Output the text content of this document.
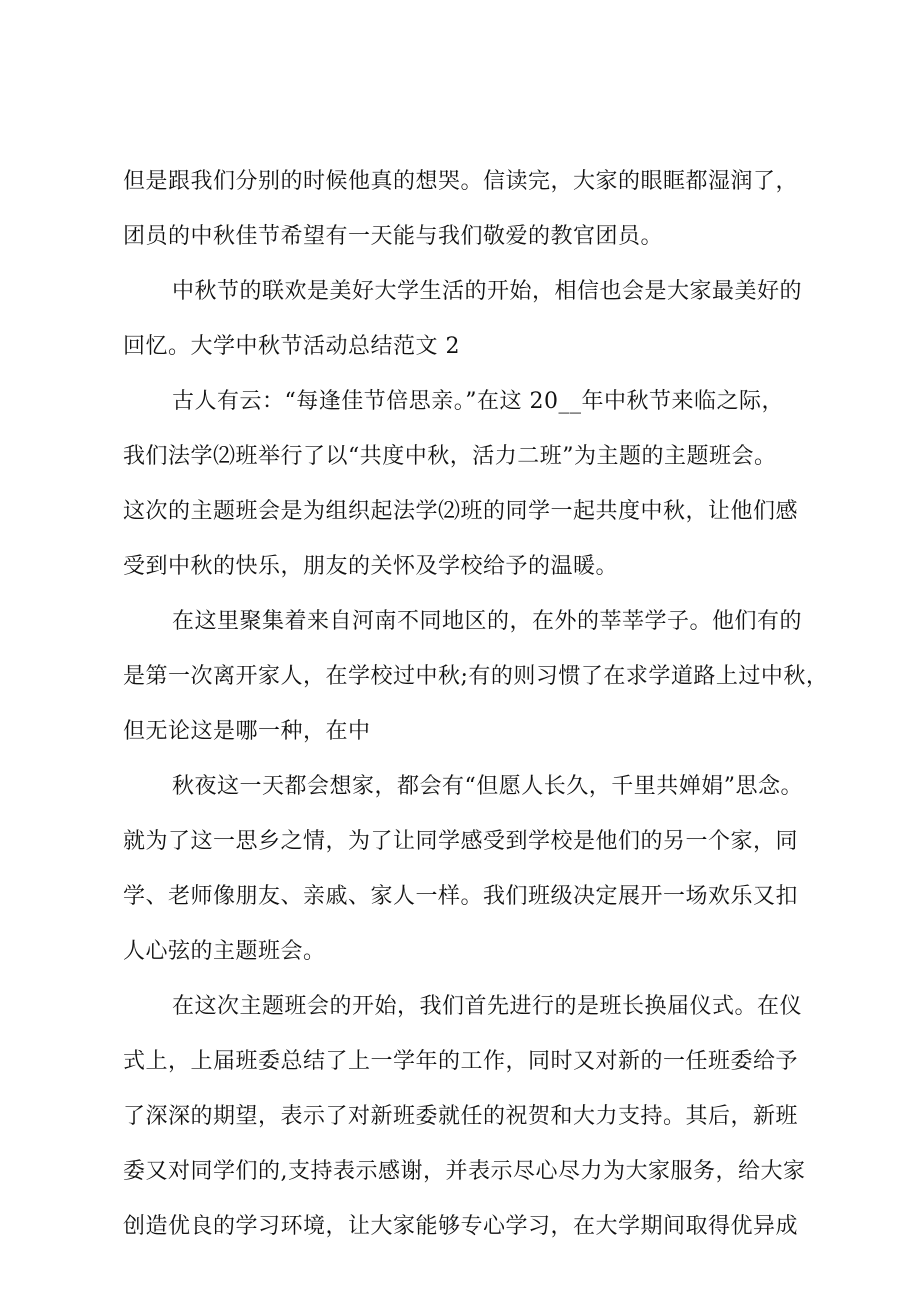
但是跟我们分别的时候他真的想哭。信读完，大家的眼眶都湿润了，
团员的中秋佳节希望有一天能与我们敬爱的教官团员。
中秋节的联欢是美好大学生活的开始，相信也会是大家最美好的
回忆。大学中秋节活动总结范文 2
古人有云：“每逢佳节倍思亲。”在这 20__年中秋节来临之际，
我们法学⑵班举行了以“共度中秋，活力二班”为主题的主题班会。
这次的主题班会是为组织起法学⑵班的同学一起共度中秋，让他们感
受到中秋的快乐，朋友的关怀及学校给予的温暖。
在这里聚集着来自河南不同地区的，在外的莘莘学子。他们有的
是第一次离开家人，在学校过中秋;有的则习惯了在求学道路上过中秋，
但无论这是哪一种，在中
秋夜这一天都会想家，都会有“但愿人长久，千里共婵娟”思念。
就为了这一思乡之情，为了让同学感受到学校是他们的另一个家，同
学、老师像朋友、亲戚、家人一样。我们班级决定展开一场欢乐又扣
人心弦的主题班会。
在这次主题班会的开始，我们首先进行的是班长换届仪式。在仪
式上，上届班委总结了上一学年的工作，同时又对新的一任班委给予
了深深的期望，表示了对新班委就任的祝贺和大力支持。其后，新班
委又对同学们的,支持表示感谢，并表示尽心尽力为大家服务，给大家
创造优良的学习环境，让大家能够专心学习，在大学期间取得优异成
